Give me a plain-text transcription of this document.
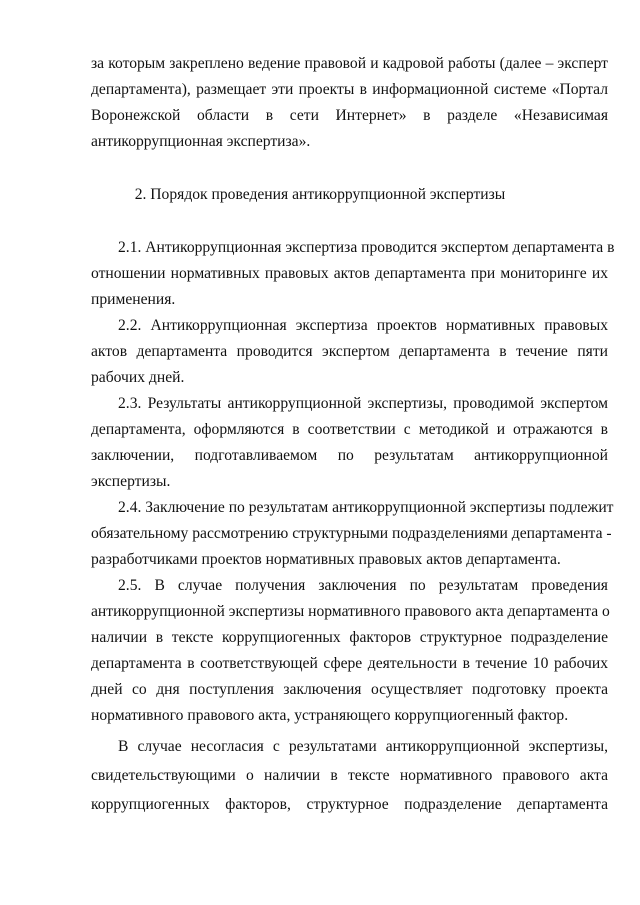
за которым закреплено ведение правовой и кадровой работы (далее – эксперт
департамента), размещает эти проекты в информационной системе «Портал
Воронежской области в сети Интернет» в разделе «Независимая
антикоррупционная экспертиза».
2. Порядок проведения антикоррупционной экспертизы
2.1. Антикоррупционная экспертиза проводится экспертом департамента в
отношении нормативных правовых актов департамента при мониторинге их
применения.
2.2. Антикоррупционная экспертиза проектов нормативных правовых
актов департамента проводится экспертом департамента в течение пяти
рабочих дней.
2.3. Результаты антикоррупционной экспертизы, проводимой экспертом
департамента, оформляются в соответствии с методикой и отражаются в
заключении, подготавливаемом по результатам антикоррупционной
экспертизы.
2.4. Заключение по результатам антикоррупционной экспертизы подлежит
обязательному рассмотрению структурными подразделениями департамента -
разработчиками проектов нормативных правовых актов департамента.
2.5. В случае получения заключения по результатам проведения
антикоррупционной экспертизы нормативного правового акта департамента о
наличии в тексте коррупциогенных факторов структурное подразделение
департамента в соответствующей сфере деятельности в течение 10 рабочих
дней со дня поступления заключения осуществляет подготовку проекта
нормативного правового акта, устраняющего коррупциогенный фактор.
В случае несогласия с результатами антикоррупционной экспертизы,
свидетельствующими о наличии в тексте нормативного правового акта
коррупциогенных факторов, структурное подразделение департамента
